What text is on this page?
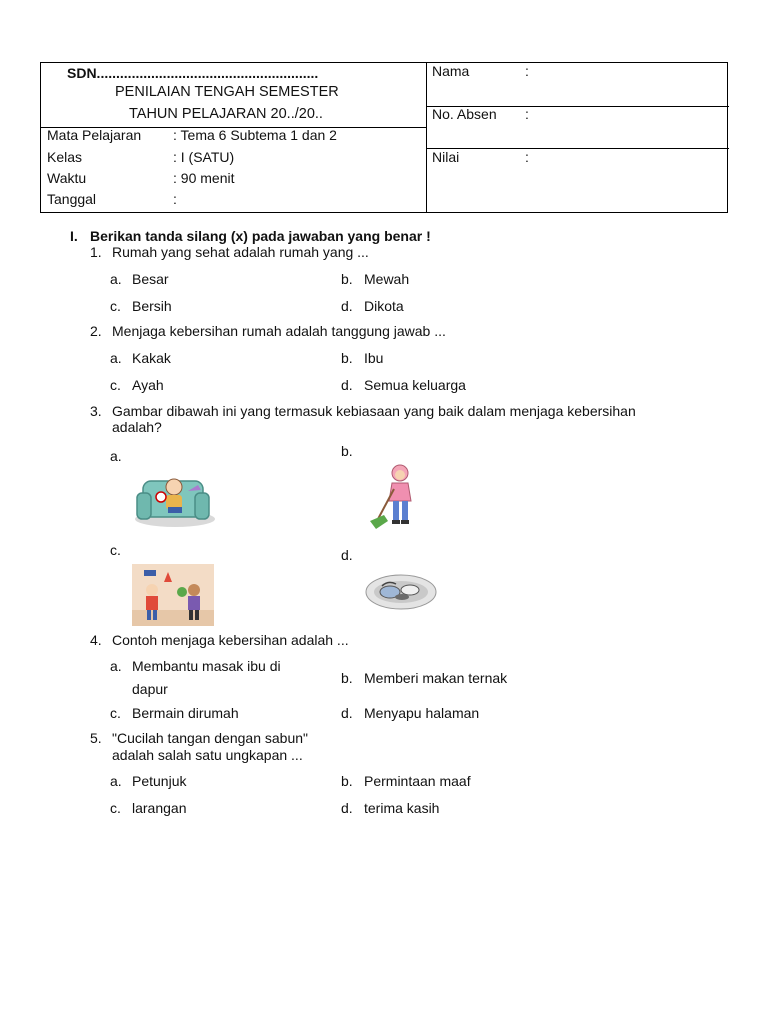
SDN.........................................................
PENILAIAN TENGAH SEMESTER
TAHUN PELAJARAN 20../20..
Mata Pelajaran : Tema 6 Subtema 1 dan 2
Kelas	: I (SATU)
Waktu	: 90 menit
Tanggal	:
Nama	:
No. Absen :
Nilai	:
I. Berikan tanda silang (x) pada jawaban yang benar !
1. Rumah yang sehat adalah rumah yang ...
a. Besar	b. Mewah
c. Bersih	d. Dikota
2. Menjaga kebersihan rumah adalah tanggung jawab ...
a. Kakak	b. Ibu
c. Ayah	d. Semua keluarga
3. Gambar dibawah ini yang termasuk kebiasaan yang baik dalam menjaga kebersihan
adalah?
a.	b.
c.	d.
4. Contoh menjaga kebersihan adalah ...
a. Membantu masak ibu di
dapur
b. Memberi makan ternak
c. Bermain dirumah	d. Menyapu halaman
5. "Cucilah tangan dengan sabun"
adalah salah satu ungkapan ...
a. Petunjuk	b. Permintaan maaf
c. larangan	d. terima kasih
